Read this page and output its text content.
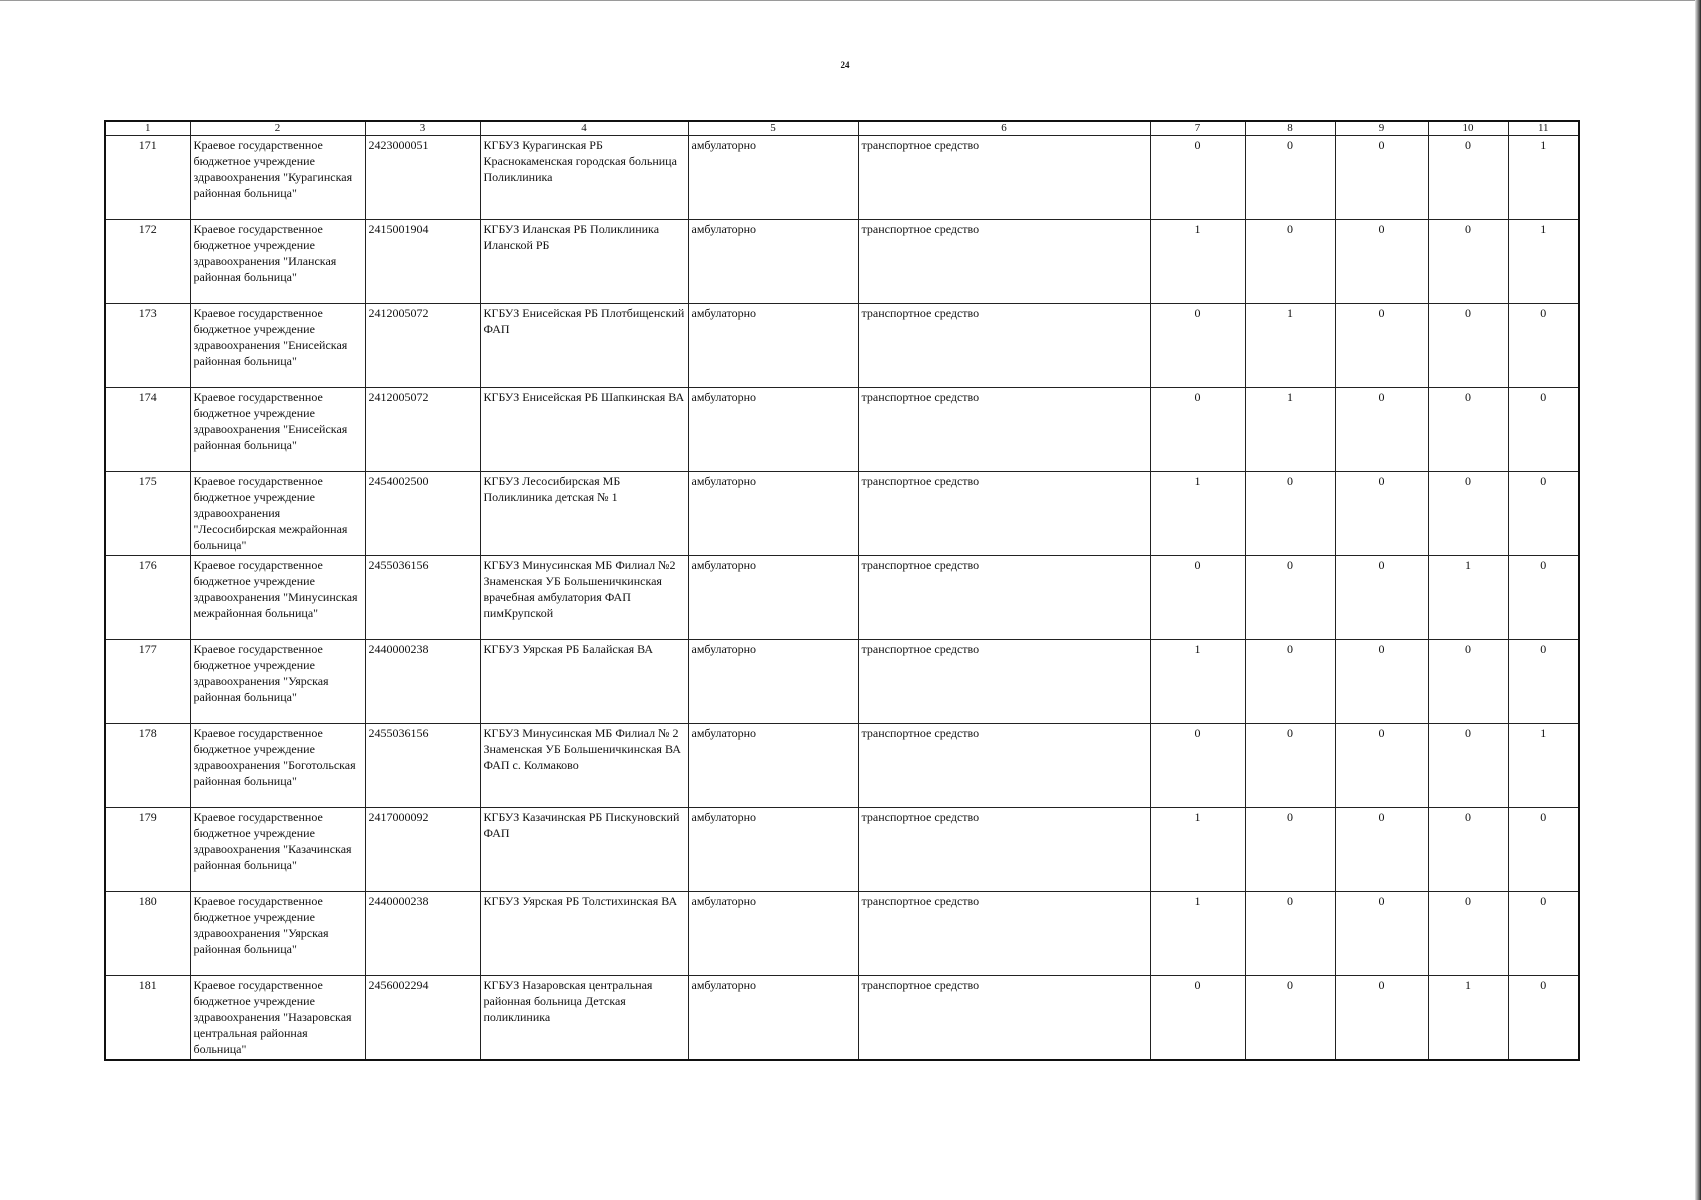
24
1	2	3	4	5	6	7	8	9	10	11
171	Краевое государственное бюджетное учреждение здравоохранения "Курагинская районная больница"	2423000051	КГБУЗ Курагинская РБ Краснокаменская городская больница Поликлиника	амбулаторно	транспортное средство	0	0	0	0	1
172	Краевое государственное бюджетное учреждение здравоохранения "Иланская районная больница"	2415001904	КГБУЗ Иланская РБ Поликлиника Иланской РБ	амбулаторно	транспортное средство	1	0	0	0	1
173	Краевое государственное бюджетное учреждение здравоохранения "Енисейская районная больница"	2412005072	КГБУЗ Енисейская РБ Плотбищенский ФАП	амбулаторно	транспортное средство	0	1	0	0	0
174	Краевое государственное бюджетное учреждение здравоохранения "Енисейская районная больница"	2412005072	КГБУЗ Енисейская РБ Шапкинская ВА	амбулаторно	транспортное средство	0	1	0	0	0
175	Краевое государственное бюджетное учреждение здравоохранения "Лесосибирская межрайонная больница"	2454002500	КГБУЗ Лесосибирская МБ Поликлиника детская № 1	амбулаторно	транспортное средство	1	0	0	0	0
176	Краевое государственное бюджетное учреждение здравоохранения "Минусинская межрайонная больница"	2455036156	КГБУЗ Минусинская МБ Филиал №2 Знаменская УБ Большеничкинская врачебная амбулатория ФАП пимКрупской	амбулаторно	транспортное средство	0	0	0	1	0
177	Краевое государственное бюджетное учреждение здравоохранения "Уярская районная больница"	2440000238	КГБУЗ Уярская РБ Балайская ВА	амбулаторно	транспортное средство	1	0	0	0	0
178	Краевое государственное бюджетное учреждение здравоохранения "Боготольская районная больница"	2455036156	КГБУЗ Минусинская МБ Филиал № 2 Знаменская УБ Большеничкинская ВА ФАП с. Колмаково	амбулаторно	транспортное средство	0	0	0	0	1
179	Краевое государственное бюджетное учреждение здравоохранения "Казачинская районная больница"	2417000092	КГБУЗ Казачинская РБ Пискуновский ФАП	амбулаторно	транспортное средство	1	0	0	0	0
180	Краевое государственное бюджетное учреждение здравоохранения "Уярская районная больница"	2440000238	КГБУЗ Уярская РБ Толстихинская ВА	амбулаторно	транспортное средство	1	0	0	0	0
181	Краевое государственное бюджетное учреждение здравоохранения "Назаровская центральная районная больница"	2456002294	КГБУЗ Назаровская центральная районная больница Детская поликлиника	амбулаторно	транспортное средство	0	0	0	1	0
